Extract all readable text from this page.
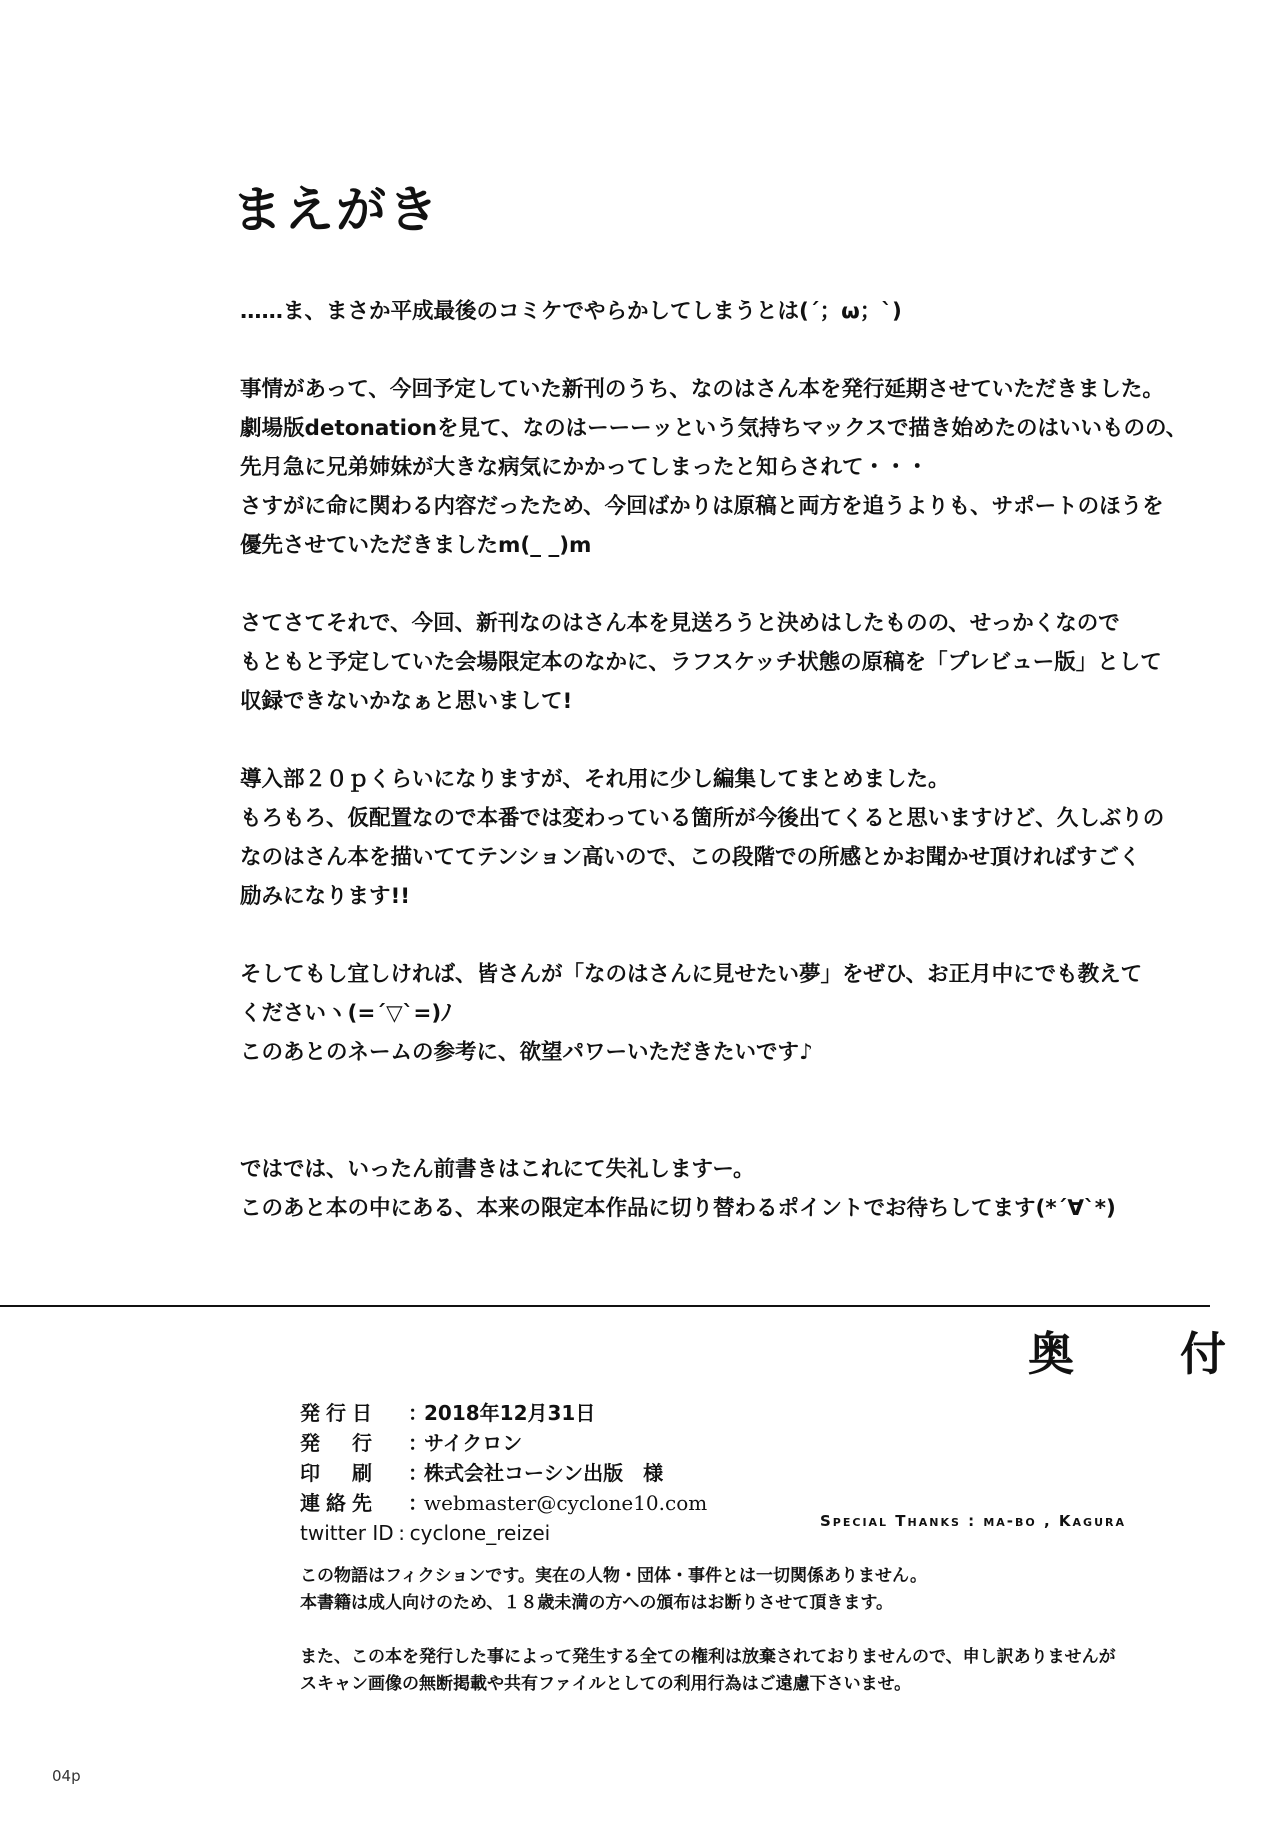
まえがき
……ま、まさか平成最後のコミケでやらかしてしまうとは(´；ω；`)
事情があって、今回予定していた新刊のうち、なのはさん本を発行延期させていただきました。
劇場版detonationを見て、なのはーーーッという気持ちマックスで描き始めたのはいいものの、
先月急に兄弟姉妹が大きな病気にかかってしまったと知らされて・・・
さすがに命に関わる内容だったため、今回ばかりは原稿と両方を追うよりも、サポートのほうを
優先させていただきましたm(_ _)m
さてさてそれで、今回、新刊なのはさん本を見送ろうと決めはしたものの、せっかくなので
もともと予定していた会場限定本のなかに、ラフスケッチ状態の原稿を「プレビュー版」として
収録できないかなぁと思いまして!
導入部２０ｐくらいになりますが、それ用に少し編集してまとめました。
もろもろ、仮配置なので本番では変わっている箇所が今後出てくると思いますけど、久しぶりの
なのはさん本を描いててテンション高いので、この段階での所感とかお聞かせ頂ければすごく
励みになります!!
そしてもし宜しければ、皆さんが「なのはさんに見せたい夢」をぜひ、お正月中にでも教えて
くださいヽ(=´▽`=)ﾉ
このあとのネームの参考に、欲望パワーいただきたいです♪
ではでは、いったん前書きはこれにて失礼しますー。
このあと本の中にある、本来の限定本作品に切り替わるポイントでお待ちしてます(*´∀`*)
奥　付
発行日	：
2018年12月31日
発　行	：
サイクロン
印　刷	：
株式会社コーシン出版　様
連絡先	：
webmaster@cyclone10.com
twitter ID : cyclone_reizei	Special Thanks : ma-bo , Kagura
この物語はフィクションです。実在の人物・団体・事件とは一切関係ありません。
本書籍は成人向けのため、１８歳未満の方への頒布はお断りさせて頂きます。
また、この本を発行した事によって発生する全ての権利は放棄されておりませんので、申し訳ありませんが
スキャン画像の無断掲載や共有ファイルとしての利用行為はご遠慮下さいませ。
04p
